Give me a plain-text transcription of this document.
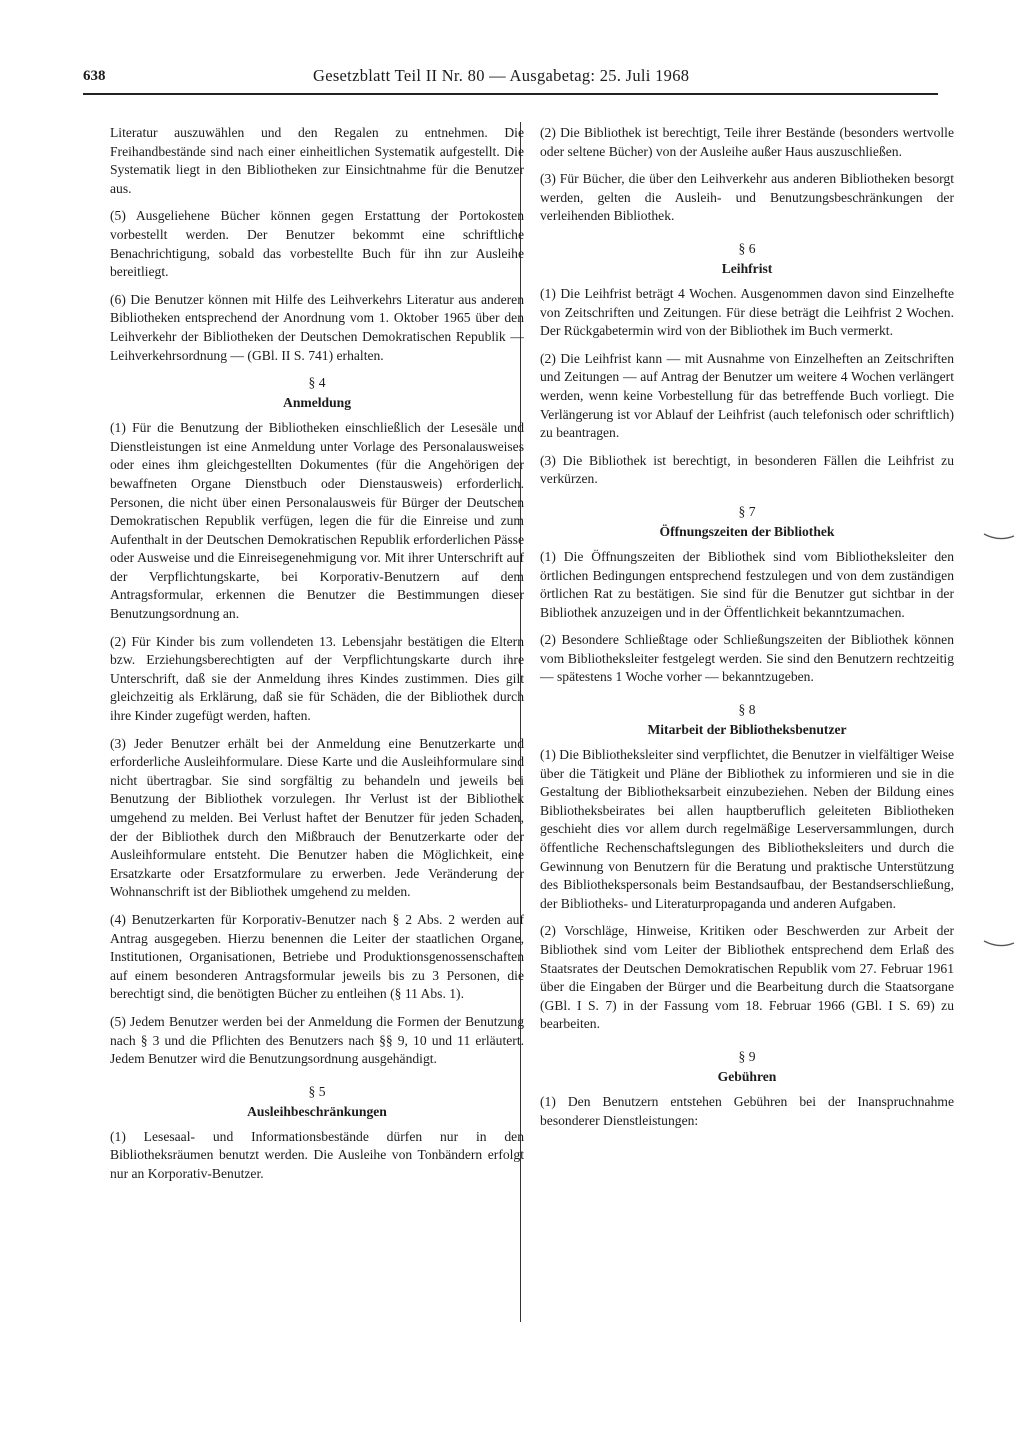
638	Gesetzblatt Teil II Nr. 80 — Ausgabetag: 25. Juli 1968

Literatur auszuwählen und den Regalen zu entnehmen. Die Freihandbestände sind nach einer einheitlichen Systematik aufgestellt. Die Systematik liegt in den Bibliotheken zur Einsichtnahme für die Benutzer aus.

(5) Ausgeliehene Bücher können gegen Erstattung der Portokosten vorbestellt werden. Der Benutzer bekommt eine schriftliche Benachrichtigung, sobald das vorbestellte Buch für ihn zur Ausleihe bereitliegt.

(6) Die Benutzer können mit Hilfe des Leihverkehrs Literatur aus anderen Bibliotheken entsprechend der Anordnung vom 1. Oktober 1965 über den Leihverkehr der Bibliotheken der Deutschen Demokratischen Republik — Leihverkehrsordnung — (GBl. II S. 741) erhalten.

§ 4
Anmeldung

(1) Für die Benutzung der Bibliotheken einschließlich der Lesesäle und Dienstleistungen ist eine Anmeldung unter Vorlage des Personalausweises oder eines ihm gleichgestellten Dokumentes (für die Angehörigen der bewaffneten Organe Dienstbuch oder Dienstausweis) erforderlich. Personen, die nicht über einen Personalausweis für Bürger der Deutschen Demokratischen Republik verfügen, legen die für die Einreise und zum Aufenthalt in der Deutschen Demokratischen Republik erforderlichen Pässe oder Ausweise und die Einreisegenehmigung vor. Mit ihrer Unterschrift auf der Verpflichtungskarte, bei Korporativ-Benutzern auf dem Antragsformular, erkennen die Benutzer die Bestimmungen dieser Benutzungsordnung an.

(2) Für Kinder bis zum vollendeten 13. Lebensjahr bestätigen die Eltern bzw. Erziehungsberechtigten auf der Verpflichtungskarte durch ihre Unterschrift, daß sie der Anmeldung ihres Kindes zustimmen. Dies gilt gleichzeitig als Erklärung, daß sie für Schäden, die der Bibliothek durch ihre Kinder zugefügt werden, haften.

(3) Jeder Benutzer erhält bei der Anmeldung eine Benutzerkarte und erforderliche Ausleihformulare. Diese Karte und die Ausleihformulare sind nicht übertragbar. Sie sind sorgfältig zu behandeln und jeweils bei Benutzung der Bibliothek vorzulegen. Ihr Verlust ist der Bibliothek umgehend zu melden. Bei Verlust haftet der Benutzer für jeden Schaden, der der Bibliothek durch den Mißbrauch der Benutzerkarte oder der Ausleihformulare entsteht. Die Benutzer haben die Möglichkeit, eine Ersatzkarte oder Ersatzformulare zu erwerben. Jede Veränderung der Wohnanschrift ist der Bibliothek umgehend zu melden.

(4) Benutzerkarten für Korporativ-Benutzer nach § 2 Abs. 2 werden auf Antrag ausgegeben. Hierzu benennen die Leiter der staatlichen Organe, Institutionen, Organisationen, Betriebe und Produktionsgenossenschaften auf einem besonderen Antragsformular jeweils bis zu 3 Personen, die berechtigt sind, die benötigten Bücher zu entleihen (§ 11 Abs. 1).

(5) Jedem Benutzer werden bei der Anmeldung die Formen der Benutzung nach § 3 und die Pflichten des Benutzers nach §§ 9, 10 und 11 erläutert. Jedem Benutzer wird die Benutzungsordnung ausgehändigt.

§ 5
Ausleihbeschränkungen

(1) Lesesaal- und Informationsbestände dürfen nur in den Bibliotheksräumen benutzt werden. Die Ausleihe von Tonbändern erfolgt nur an Korporativ-Benutzer.

(2) Die Bibliothek ist berechtigt, Teile ihrer Bestände (besonders wertvolle oder seltene Bücher) von der Ausleihe außer Haus auszuschließen.

(3) Für Bücher, die über den Leihverkehr aus anderen Bibliotheken besorgt werden, gelten die Ausleih- und Benutzungsbeschränkungen der verleihenden Bibliothek.

§ 6
Leihfrist

(1) Die Leihfrist beträgt 4 Wochen. Ausgenommen davon sind Einzelhefte von Zeitschriften und Zeitungen. Für diese beträgt die Leihfrist 2 Wochen. Der Rückgabetermin wird von der Bibliothek im Buch vermerkt.

(2) Die Leihfrist kann — mit Ausnahme von Einzelheften an Zeitschriften und Zeitungen — auf Antrag der Benutzer um weitere 4 Wochen verlängert werden, wenn keine Vorbestellung für das betreffende Buch vorliegt. Die Verlängerung ist vor Ablauf der Leihfrist (auch telefonisch oder schriftlich) zu beantragen.

(3) Die Bibliothek ist berechtigt, in besonderen Fällen die Leihfrist zu verkürzen.

§ 7
Öffnungszeiten der Bibliothek

(1) Die Öffnungszeiten der Bibliothek sind vom Bibliotheksleiter den örtlichen Bedingungen entsprechend festzulegen und von dem zuständigen örtlichen Rat zu bestätigen. Sie sind für die Benutzer gut sichtbar in der Bibliothek anzuzeigen und in der Öffentlichkeit bekanntzumachen.

(2) Besondere Schließtage oder Schließungszeiten der Bibliothek können vom Bibliotheksleiter festgelegt werden. Sie sind den Benutzern rechtzeitig — spätestens 1 Woche vorher — bekanntzugeben.

§ 8
Mitarbeit der Bibliotheksbenutzer

(1) Die Bibliotheksleiter sind verpflichtet, die Benutzer in vielfältiger Weise über die Tätigkeit und Pläne der Bibliothek zu informieren und sie in die Gestaltung der Bibliotheksarbeit einzubeziehen. Neben der Bildung eines Bibliotheksbeirates bei allen hauptberuflich geleiteten Bibliotheken geschieht dies vor allem durch regelmäßige Leserversammlungen, durch öffentliche Rechenschaftslegungen des Bibliotheksleiters und durch die Gewinnung von Benutzern für die Beratung und praktische Unterstützung des Bibliothekspersonals beim Bestandsaufbau, der Bestandserschließung, der Bibliotheks- und Literaturpropaganda und anderen Aufgaben.

(2) Vorschläge, Hinweise, Kritiken oder Beschwerden zur Arbeit der Bibliothek sind vom Leiter der Bibliothek entsprechend dem Erlaß des Staatsrates der Deutschen Demokratischen Republik vom 27. Februar 1961 über die Eingaben der Bürger und die Bearbeitung durch die Staatsorgane (GBl. I S. 7) in der Fassung vom 18. Februar 1966 (GBl. I S. 69) zu bearbeiten.

§ 9
Gebühren

(1) Den Benutzern entstehen Gebühren bei der Inanspruchnahme besonderer Dienstleistungen:
